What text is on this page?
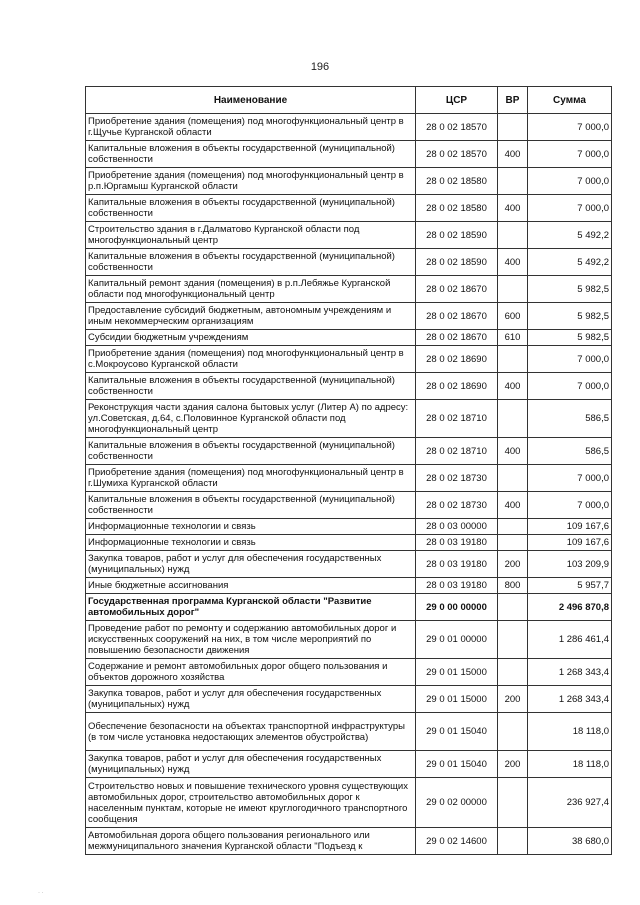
196
Наименование	ЦСР	ВР	Сумма
Приобретение здания (помещения) под многофункциональный центр в г.Щучье Курганской области	28 0 02 18570		7 000,0
Капитальные вложения в объекты государственной (муниципальной) собственности	28 0 02 18570	400	7 000,0
Приобретение здания (помещения) под многофункциональный центр в р.п.Юргамыш Курганской области	28 0 02 18580		7 000,0
Капитальные вложения в объекты государственной (муниципальной) собственности	28 0 02 18580	400	7 000,0
Строительство здания в г.Далматово Курганской области под многофункциональный центр	28 0 02 18590		5 492,2
Капитальные вложения в объекты государственной (муниципальной) собственности	28 0 02 18590	400	5 492,2
Капитальный ремонт здания (помещения) в р.п.Лебяжье Курганской области под многофункциональный центр	28 0 02 18670		5 982,5
Предоставление субсидий бюджетным, автономным учреждениям и иным некоммерческим организациям	28 0 02 18670	600	5 982,5
Субсидии бюджетным учреждениям	28 0 02 18670	610	5 982,5
Приобретение здания (помещения) под многофункциональный центр в с.Мокроусово Курганской области	28 0 02 18690		7 000,0
Капитальные вложения в объекты государственной (муниципальной) собственности	28 0 02 18690	400	7 000,0
Реконструкция части здания салона бытовых услуг (Литер А) по адресу: ул.Советская, д.64, с.Половинное Курганской области под многофункциональный центр	28 0 02 18710		586,5
Капитальные вложения в объекты государственной (муниципальной) собственности	28 0 02 18710	400	586,5
Приобретение здания (помещения) под многофункциональный центр в г.Шумиха Курганской области	28 0 02 18730		7 000,0
Капитальные вложения в объекты государственной (муниципальной) собственности	28 0 02 18730	400	7 000,0
Информационные технологии и связь	28 0 03 00000		109 167,6
Информационные технологии и связь	28 0 03 19180		109 167,6
Закупка товаров, работ и услуг для обеспечения государственных (муниципальных) нужд	28 0 03 19180	200	103 209,9
Иные бюджетные ассигнования	28 0 03 19180	800	5 957,7
Государственная программа Курганской области "Развитие автомобильных дорог"	29 0 00 00000		2 496 870,8
Проведение работ по ремонту и содержанию автомобильных дорог и искусственных сооружений на них, в том числе мероприятий по повышению безопасности движения	29 0 01 00000		1 286 461,4
Содержание и ремонт автомобильных дорог общего пользования и объектов дорожного хозяйства	29 0 01 15000		1 268 343,4
Закупка товаров, работ и услуг для обеспечения государственных (муниципальных) нужд	29 0 01 15000	200	1 268 343,4
Обеспечение безопасности на объектах транспортной инфраструктуры (в том числе установка недостающих элементов обустройства)	29 0 01 15040		18 118,0
Закупка товаров, работ и услуг для обеспечения государственных (муниципальных) нужд	29 0 01 15040	200	18 118,0
Строительство новых и повышение технического уровня существующих автомобильных дорог, строительство автомобильных дорог к населенным пунктам, которые не имеют круглогодичного транспортного сообщения	29 0 02 00000		236 927,4
Автомобильная дорога общего пользования регионального или межмуниципального значения Курганской области "Подъезд к	29 0 02 14600		38 680,0
· ·
